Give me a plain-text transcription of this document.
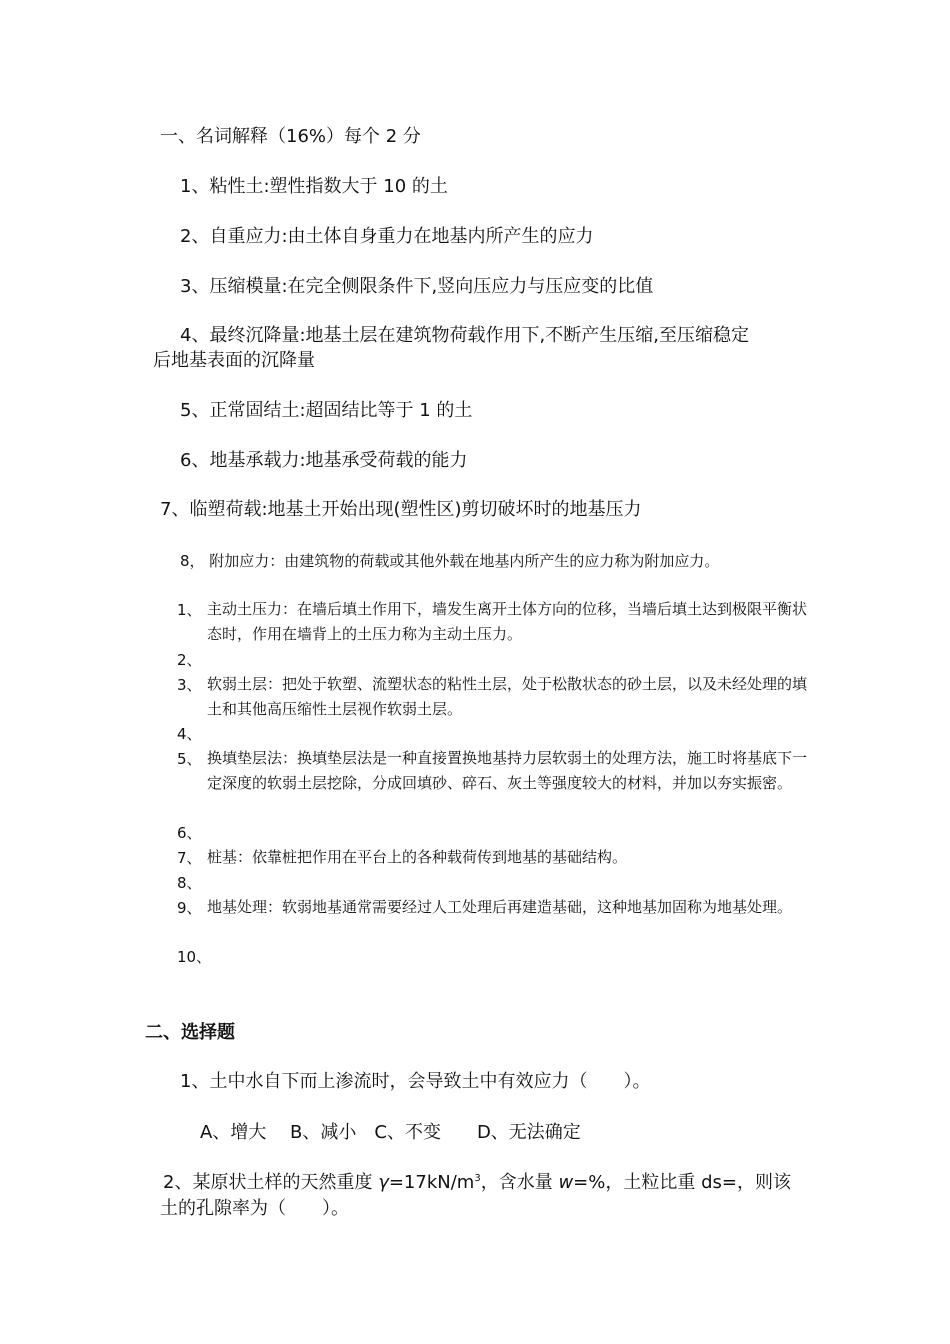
一、名词解释（16%）每个 2 分
1、粘性土:塑性指数大于 10 的土
2、自重应力:由土体自身重力在地基内所产生的应力
3、压缩模量:在完全侧限条件下,竖向压应力与压应变的比值
4、最终沉降量:地基土层在建筑物荷载作用下,不断产生压缩,至压缩稳定
后地基表面的沉降量
5、正常固结土:超固结比等于 1 的土
6、地基承载力:地基承受荷载的能力
7、临塑荷载:地基土开始出现(塑性区)剪切破坏时的地基压力
8， 附加应力：由建筑物的荷载或其他外载在地基内所产生的应力称为附加应力。
1、 主动土压力：在墙后填土作用下，墙发生离开土体方向的位移，当墙后填土达到极限平衡状态时，作用在墙背上的土压力称为主动土压力。
2、
3、 软弱土层：把处于软塑、流塑状态的粘性土层，处于松散状态的砂土层，以及未经处理的填土和其他高压缩性土层视作软弱土层。
4、
5、 换填垫层法：换填垫层法是一种直接置换地基持力层软弱土的处理方法，施工时将基底下一定深度的软弱土层挖除，分成回填砂、碎石、灰土等强度较大的材料，并加以夯实振密。
6、
7、 桩基：依靠桩把作用在平台上的各种载荷传到地基的基础结构。
8、
9、 地基处理：软弱地基通常需要经过人工处理后再建造基础，这种地基加固称为地基处理。
10、
二、选择题
1、土中水自下而上渗流时，会导致土中有效应力（　　）。
A、增大　 B、减小　C、不变　　D、无法确定
2、某原状土样的天然重度 $\gamma=17kN/m^3$，含水量 w=%，土粒比重 ds=，则该
土的孔隙率为（　　）。
